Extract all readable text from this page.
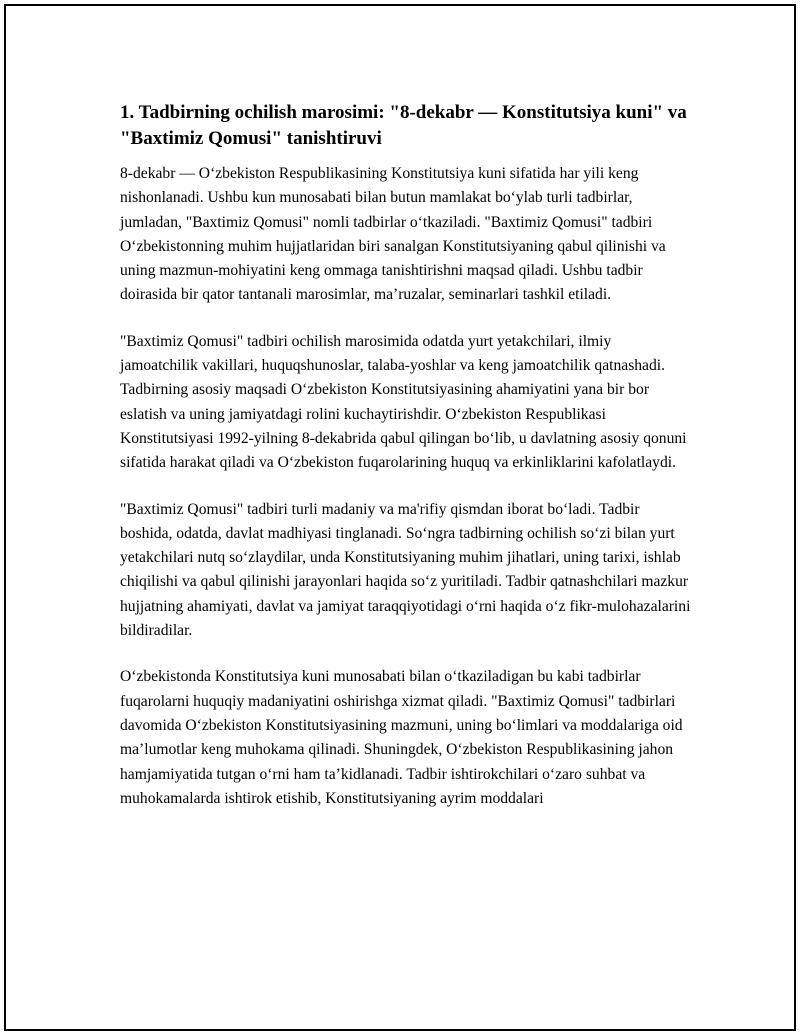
1. Tadbirning ochilish marosimi: "8-dekabr — Konstitutsiya kuni" va "Baxtimiz Qomusi" tanishtiruvi

8-dekabr — Oʻzbekiston Respublikasining Konstitutsiya kuni sifatida har yili keng nishonlanadi. Ushbu kun munosabati bilan butun mamlakat boʻylab turli tadbirlar, jumladan, "Baxtimiz Qomusi" nomli tadbirlar oʻtkaziladi. "Baxtimiz Qomusi" tadbiri Oʻzbekistonning muhim hujjatlaridan biri sanalgan Konstitutsiyaning qabul qilinishi va uning mazmun-mohiyatini keng ommaga tanishtirishni maqsad qiladi. Ushbu tadbir doirasida bir qator tantanali marosimlar, maʼruzalar, seminarlari tashkil etiladi.

"Baxtimiz Qomusi" tadbiri ochilish marosimida odatda yurt yetakchilari, ilmiy jamoatchilik vakillari, huquqshunoslar, talaba-yoshlar va keng jamoatchilik qatnashadi. Tadbirning asosiy maqsadi Oʻzbekiston Konstitutsiyasining ahamiyatini yana bir bor eslatish va uning jamiyatdagi rolini kuchaytirishdir. Oʻzbekiston Respublikasi Konstitutsiyasi 1992-yilning 8-dekabrida qabul qilingan boʻlib, u davlatning asosiy qonuni sifatida harakat qiladi va Oʻzbekiston fuqarolarining huquq va erkinliklarini kafolatlaydi.

"Baxtimiz Qomusi" tadbiri turli madaniy va ma'rifiy qismdan iborat boʻladi. Tadbir boshida, odatda, davlat madhiyasi tinglanadi. Soʻngra tadbirning ochilish soʻzi bilan yurt yetakchilari nutq soʻzlaydilar, unda Konstitutsiyaning muhim jihatlari, uning tarixi, ishlab chiqilishi va qabul qilinishi jarayonlari haqida soʻz yuritiladi. Tadbir qatnashchilari mazkur hujjatning ahamiyati, davlat va jamiyat taraqqiyotidagi oʻrni haqida oʻz fikr-mulohazalarini bildiradilar.

Oʻzbekistonda Konstitutsiya kuni munosabati bilan oʻtkaziladigan bu kabi tadbirlar fuqarolarni huquqiy madaniyatini oshirishga xizmat qiladi. "Baxtimiz Qomusi" tadbirlari davomida Oʻzbekiston Konstitutsiyasining mazmuni, uning boʻlimlari va moddalariga oid maʼlumotlar keng muhokama qilinadi. Shuningdek, Oʻzbekiston Respublikasining jahon hamjamiyatida tutgan oʻrni ham taʼkidlanadi. Tadbir ishtirokchilari oʻzaro suhbat va muhokamalarda ishtirok etishib, Konstitutsiyaning ayrim moddalari
